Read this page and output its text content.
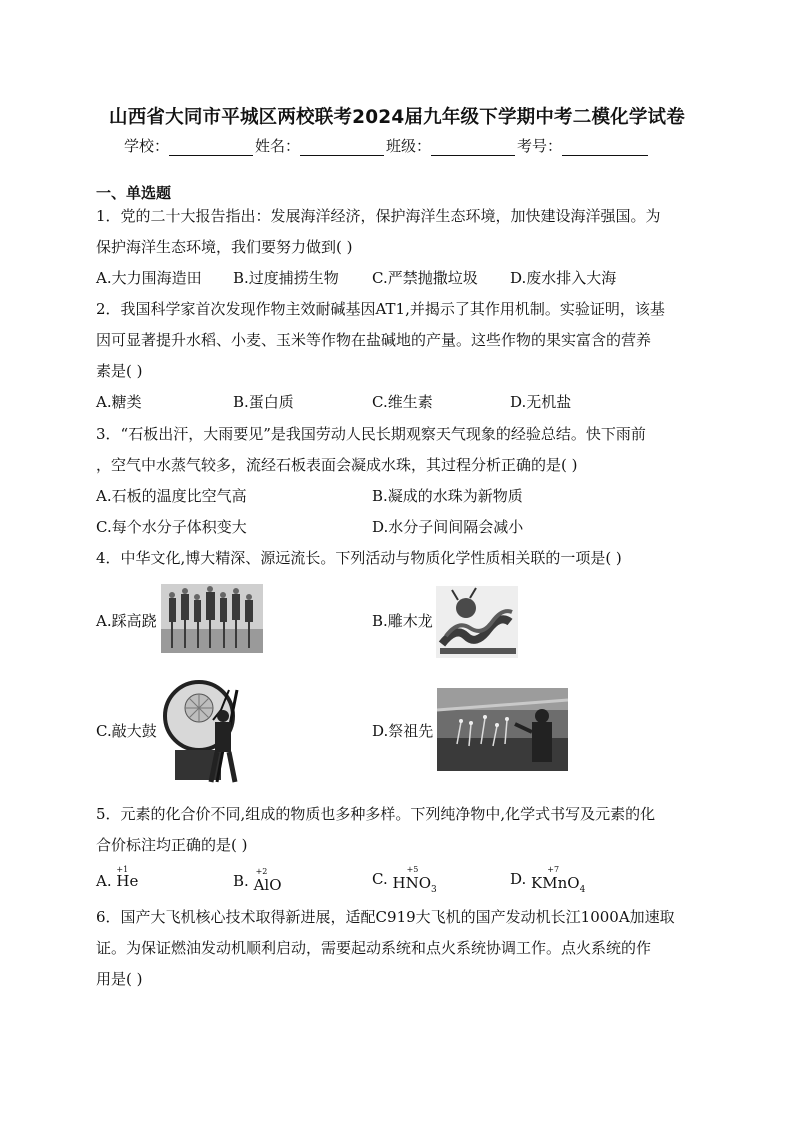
山西省大同市平城区两校联考2024届九年级下学期中考二模化学试卷
学校：	姓名：	班级：	考号：
一、单选题
1．党的二十大报告指出：发展海洋经济，保护海洋生态环境，加快建设海洋强国。为
保护海洋生态环境，我们要努力做到( )
A.大力围海造田 B.过度捕捞生物 C.严禁抛撒垃圾 D.废水排入大海
2．我国科学家首次发现作物主效耐碱基因AT1,并揭示了其作用机制。实验证明，该基
因可显著提升水稻、小麦、玉米等作物在盐碱地的产量。这些作物的果实富含的营养
素是( )
A.糖类	B.蛋白质	C.维生素	D.无机盐
3．“石板出汗，大雨要见”是我国劳动人民长期观察天气现象的经验总结。快下雨前
，空气中水蒸气较多，流经石板表面会凝成水珠，其过程分析正确的是( )
A.石板的温度比空气高	B.凝成的水珠为新物质
C.每个水分子体积变大	D.水分子间间隔会减小
4．中华文化,博大精深、源远流长。下列活动与物质化学性质相关联的一项是( )
A.踩高跷	B.雕木龙
C.敲大鼓	D.祭祖先
5．元素的化合价不同,组成的物质也多种多样。下列纯净物中,化学式书写及元素的化
合价标注均正确的是( )
A.
+1
He	B.
+2
AlO	C. H
+5
$NO_3$
D. K
+7
MnO$_4$
6．国产大飞机核心技术取得新进展，适配C919大飞机的国产发动机长江1000A加速取
证。为保证燃油发动机顺利启动，需要起动系统和点火系统协调工作。点火系统的作
用是( )
